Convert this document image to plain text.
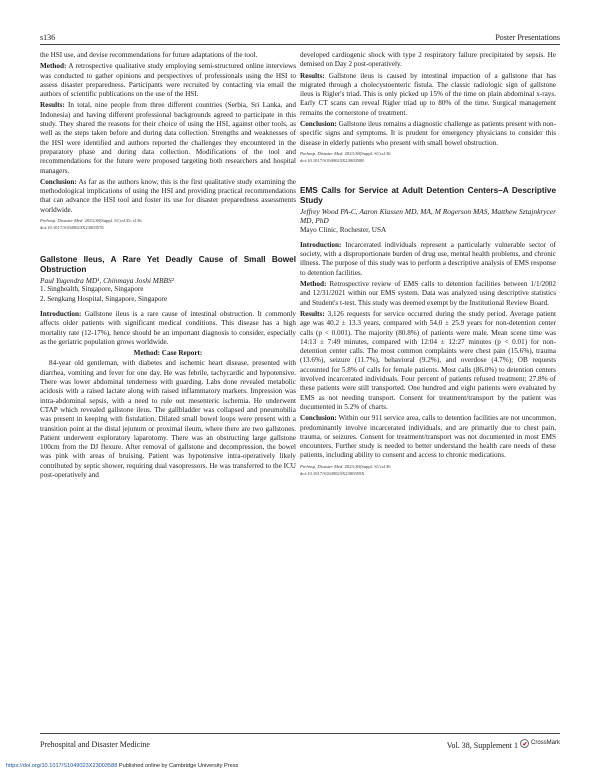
s136	Poster Presentations

the HSI use, and devise recommendations for future adaptations of the tool.

Method: A retrospective qualitative study employing semi-structured online interviews was conducted to gather opinions and perspectives of professionals using the HSI to assess disaster preparedness. Participants were recruited by contacting via email the authors of scientific publications on the use of the HSI.

Results: In total, nine people from three different countries (Serbia, Sri Lanka, and Indonesia) and having different professional backgrounds agreed to participate in this study. They shared the reasons for their choice of using the HSI, against other tools, as well as the steps taken before and during data collection. Strengths and weaknesses of the HSI were identified and authors reported the challenges they encountered in the preparatory phase and during data collection. Modifications of the tool and recommendations for the future were proposed targeting both researchers and hospital managers.

Conclusion: As far as the authors know, this is the first qualitative study examining the methodological implications of using the HSI and providing practical recommendations that can advance the HSI tool and foster its use for disaster preparedness assessments worldwide.

Prehosp. Disaster Med. 2023;38(Suppl. S1):s135–s136

doi:10.1017/S1049023X23003576

Gallstone Ileus, A Rare Yet Deadly Cause of Small Bowel Obstruction

Paul Yugendra MD¹, Chinmaya Joshi MBBS²

1. Singhealth, Singapore, Singapore

2. Sengkang Hospital, Singapore, Singapore

Introduction: Gallstone ileus is a rare cause of intestinal obstruction. It commonly affects older patients with significant medical conditions. This disease has a high mortality rate (12-17%), hence should be an important diagnosis to consider, especially as the geriatric population grows worldwide.

Method: Case Report:

84-year old gentleman, with diabetes and ischemic heart disease, presented with diarrhea, vomiting and fever for one day. He was febrile, tachycardic and hypotensive. There was lower abdominal tenderness with guarding. Labs done revealed metabolic acidosis with a raised lactate along with raised inflammatory markers. Impression was intra-abdominal sepsis, with a need to rule out mesenteric ischemia. He underwent CTAP which revealed gallstone ileus. The gallbladder was collapsed and pneumobilia was present in keeping with fistulation. Dilated small bowel loops were present with a transition point at the distal jejunum or proximal ileum, where there are two gallstones. Patient underwent exploratory laparotomy. There was an obstructing large gallstone 100cm from the DJ flexure. After removal of gallstone and decompression, the bowel was pink with areas of bruising. Patient was hypotensive intra-operatively likely contributed by septic shower, requiring dual vasopressors. He was transferred to the ICU post-operatively and

developed cardiogenic shock with type 2 respiratory failure precipitated by sepsis. He demised on Day 2 post-operatively.

Results: Gallstone ileus is caused by intestinal impaction of a gallstone that has migrated through a cholecystoenteric fistula. The classic radiologic sign of gallstone ileus is Rigler's triad. This is only picked up 15% of the time on plain abdominal x-rays. Early CT scans can reveal Rigler triad up to 80% of the time. Surgical management remains the cornerstone of treatment.

Conclusion: Gallstone ileus remains a diagnostic challenge as patients present with non-specific signs and symptoms. It is prudent for emergency physicians to consider this disease in elderly patients who present with small bowel obstruction.

Prehosp. Disaster Med. 2023;38(Suppl. S1):s136

doi:10.1017/S1049023X23003588

EMS Calls for Service at Adult Detention Centers–A Descriptive Study

Jeffrey Wood PA-C, Aaron Klassen MD, MA, M Rogerson MAS, Matthew Sztajnkrycer MD, PhD

Mayo Clinic, Rochester, USA

Introduction: Incarcerated individuals represent a particularly vulnerable sector of society, with a disproportionate burden of drug use, mental health problems, and chronic illness. The purpose of this study was to perform a descriptive analysis of EMS response to detention facilities.

Method: Retrospective review of EMS calls to detention facilities between 1/1/2002 and 12/31/2021 within our EMS system. Data was analyzed using descriptive statistics and Student's t-test. This study was deemed exempt by the Institutional Review Board.

Results: 3,126 requests for service occurred during the study period. Average patient age was 40.2 ± 13.3 years, compared with 54.0 ± 25.9 years for non-detention center calls (p < 0.001). The majority (80.8%) of patients were male. Mean scene time was 14:13 ± 7:49 minutes, compared with 12:04 ± 12:27 minutes (p < 0.01) for non-detention center calls. The most common complaints were chest pain (15.6%), trauma (13.6%), seizure (11.7%), behavioral (9.2%), and overdose (4.7%); OB requests accounted for 5.8% of calls for female patients. Most calls (86.0%) to detention centers involved incarcerated individuals. Four percent of patients refused treatment; 27.8% of these patients were still transported. One hundred and eight patients were evaluated by EMS as not needing transport. Consent for treatment/transport by the patient was documented in 5.2% of charts.

Conclusion: Within our 911 service area, calls to detention facilities are not uncommon, predominantly involve incarcerated individuals, and are primarily due to chest pain, trauma, or seizures. Consent for treatment/transport was not documented in most EMS encounters. Further study is needed to better understand the health care needs of these patients, including ability to consent and access to chronic medications.

Prehosp. Disaster Med. 2023;38(Suppl. S1):s136

doi:10.1017/S1049023X2300359X

Prehospital and Disaster Medicine	Vol. 38, Supplement 1 CrossMark
https://doi.org/10.1017/S1049023X23003588 Published online by Cambridge University Press
